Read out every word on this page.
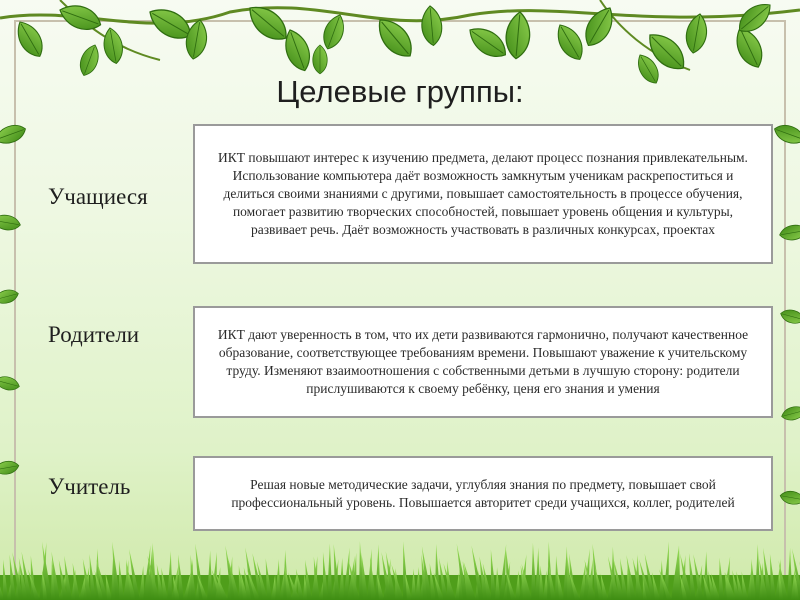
Целевые группы:
Учащиеся
ИКТ повышают интерес к изучению предмета, делают процесс познания привлекательным. Использование компьютера даёт возможность замкнутым ученикам раскрепоститься и делиться своими знаниями с другими, повышает самостоятельность в процессе обучения, помогает развитию творческих способностей, повышает уровень общения и культуры, развивает речь. Даёт возможность участвовать в различных конкурсах, проектах
Родители	ИКТ дают уверенность в том, что их дети развиваются гармонично, получают качественное образование, соответствующее требованиям времени. Повышают уважение к учительскому труду. Изменяют взаимоотношения с собственными детьми в лучшую сторону: родители прислушиваются к своему ребёнку, ценя его знания и умения
Учитель	Решая новые методические задачи, углубляя знания по предмету, повышает свой профессиональный уровень. Повышается авторитет среди учащихся, коллег, родителей
